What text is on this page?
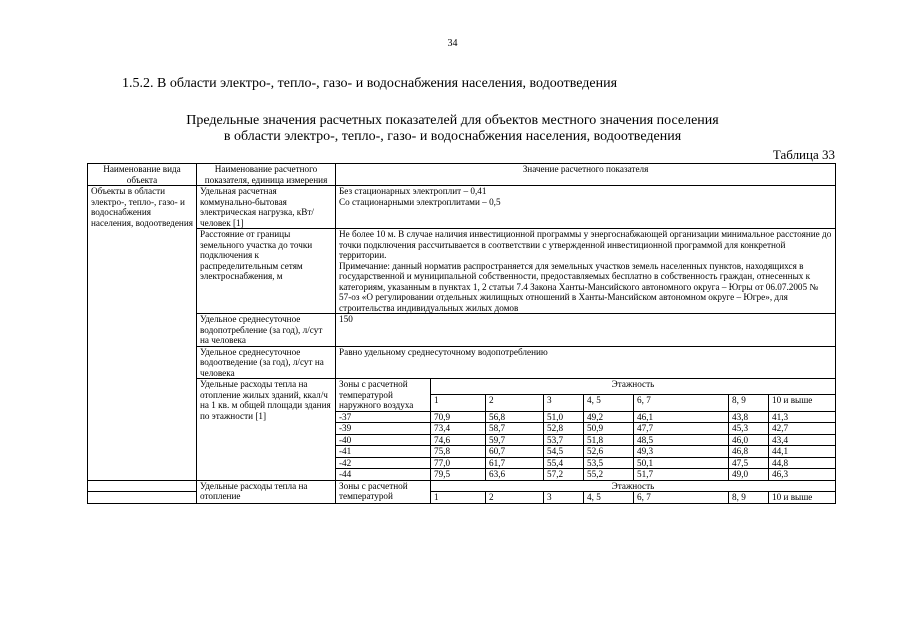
34
1.5.2. В области электро-, тепло-, газо- и водоснабжения населения, водоотведения
Предельные значения расчетных показателей для объектов местного значения поселения
в области электро-, тепло-, газо- и водоснабжения населения, водоотведения
Таблица 33
Наименование вида объекта	Наименование расчетного показателя, единица измерения	Значение расчетного показателя							
Объекты в области электро-, тепло-, газо- и водоснабжения населения, водоотведения	Удельная расчетная коммунально-бытовая электрическая нагрузка, кВт/человек [1]	Без стационарных электроплит – 0,41
Со стационарными электроплитами – 0,5							

	Расстояние от границы земельного участка до точки подключения к распределительным сетям электроснабжения, м	Не более 10 м. В случае наличия инвестиционной программы у энергоснабжающей организации минимальное расстояние до точки подключения рассчитывается в соответствии с утвержденной инвестиционной программой для конкретной территории.
Примечание: данный норматив распространяется для земельных участков земель населенных пунктов, находящихся в государственной и муниципальной собственности, предоставляемых бесплатно в собственность граждан, отнесенных к категориям, указанным в пунктах 1, 2 статьи 7.4 Закона Ханты-Мансийского автономного округа – Югры от 06.07.2005 № 57-оз «О регулировании отдельных жилищных отношений в Ханты-Мансийском автономном округе – Югре», для строительства индивидуальных жилых домов							

	Удельное среднесуточное водопотребление (за год), л/сут на человека	150							
	Удельное среднесуточное водоотведение (за год), л/сут на человека	Равно удельному среднесуточному водопотреблению							
	Удельные расходы тепла на отопление жилых зданий, ккал/ч на 1 кв. м общей площади здания по этажности [1]	Зоны с расчетной температурой наружного воздуха	Этажность						
			1	2	3	4, 5	6, 7	8, 9	10 и выше
		-37	70,9	56,8	51,0	49,2	46,1	43,8	41,3
		-39	73,4	58,7	52,8	50,9	47,7	45,3	42,7
		-40	74,6	59,7	53,7	51,8	48,5	46,0	43,4
		-41	75,8	60,7	54,5	52,6	49,3	46,8	44,1
		-42	77,0	61,7	55,4	53,5	50,1	47,5	44,8
		-44	79,5	63,6	57,2	55,2	51,7	49,0	46,3
	Удельные расходы тепла на отопление	Зоны с расчетной температурой	Этажность						
			1	2	3	4, 5	6, 7	8, 9	10 и выше
